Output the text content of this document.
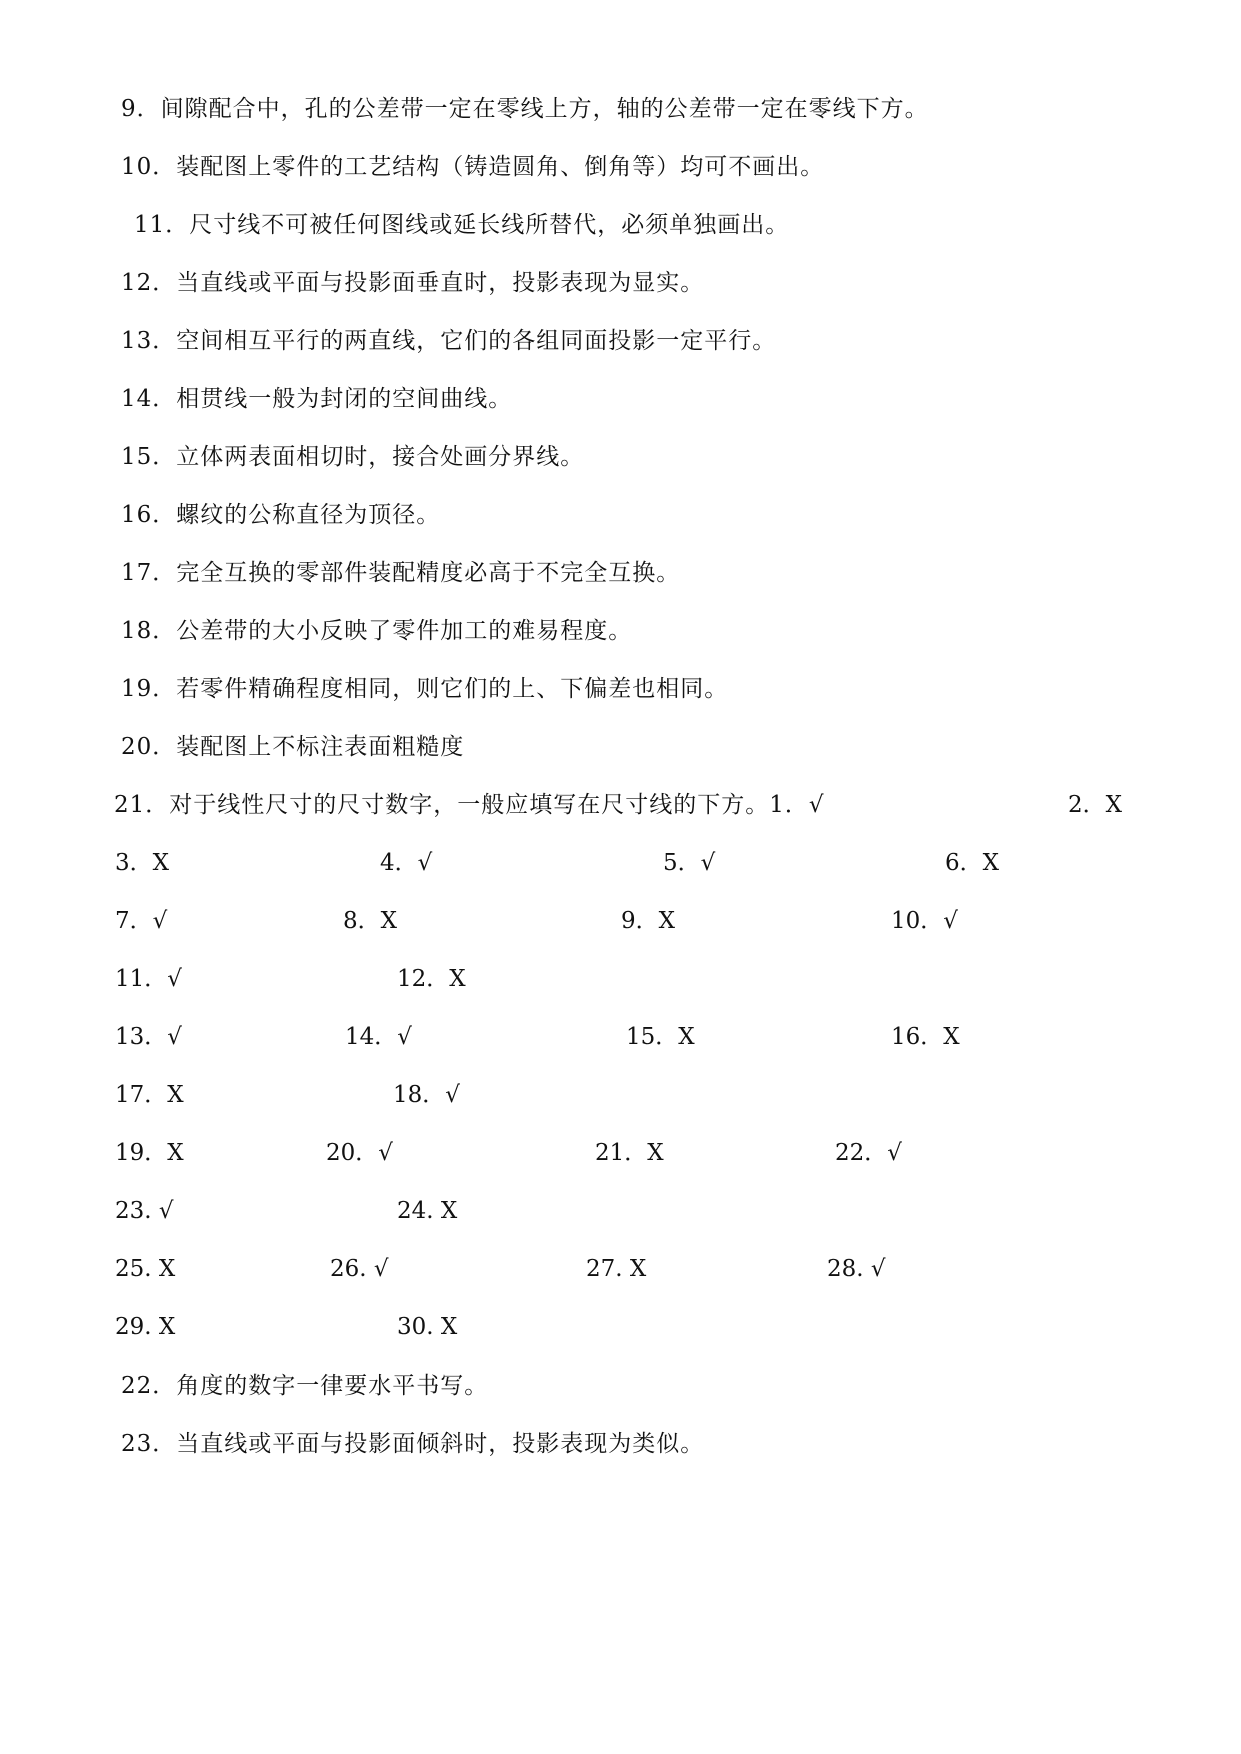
9．间隙配合中，孔的公差带一定在零线上方，轴的公差带一定在零线下方。
10．装配图上零件的工艺结构（铸造圆角、倒角等）均可不画出。
11．尺寸线不可被任何图线或延长线所替代，必须单独画出。
12．当直线或平面与投影面垂直时，投影表现为显实。
13．空间相互平行的两直线，它们的各组同面投影一定平行。
14．相贯线一般为封闭的空间曲线。
15．立体两表面相切时，接合处画分界线。
16．螺纹的公称直径为顶径。
17．完全互换的零部件装配精度必高于不完全互换。
18．公差带的大小反映了零件加工的难易程度。
19．若零件精确程度相同，则它们的上、下偏差也相同。
20．装配图上不标注表面粗糙度
21．对于线性尺寸的尺寸数字，一般应填写在尺寸线的下方。1．√	2．X
3．X	4．√	5．√	6．X
7．√	8．X	9．X	10．√
11．√	12．X
13．√	14．√	15．X	16．X
17．X	18．√
19．X	20．√	21．X	22．√
23. √	24. X
25. X	26. √	27. X	28. √
29. X	30. X
22．角度的数字一律要水平书写。
23．当直线或平面与投影面倾斜时，投影表现为类似。
